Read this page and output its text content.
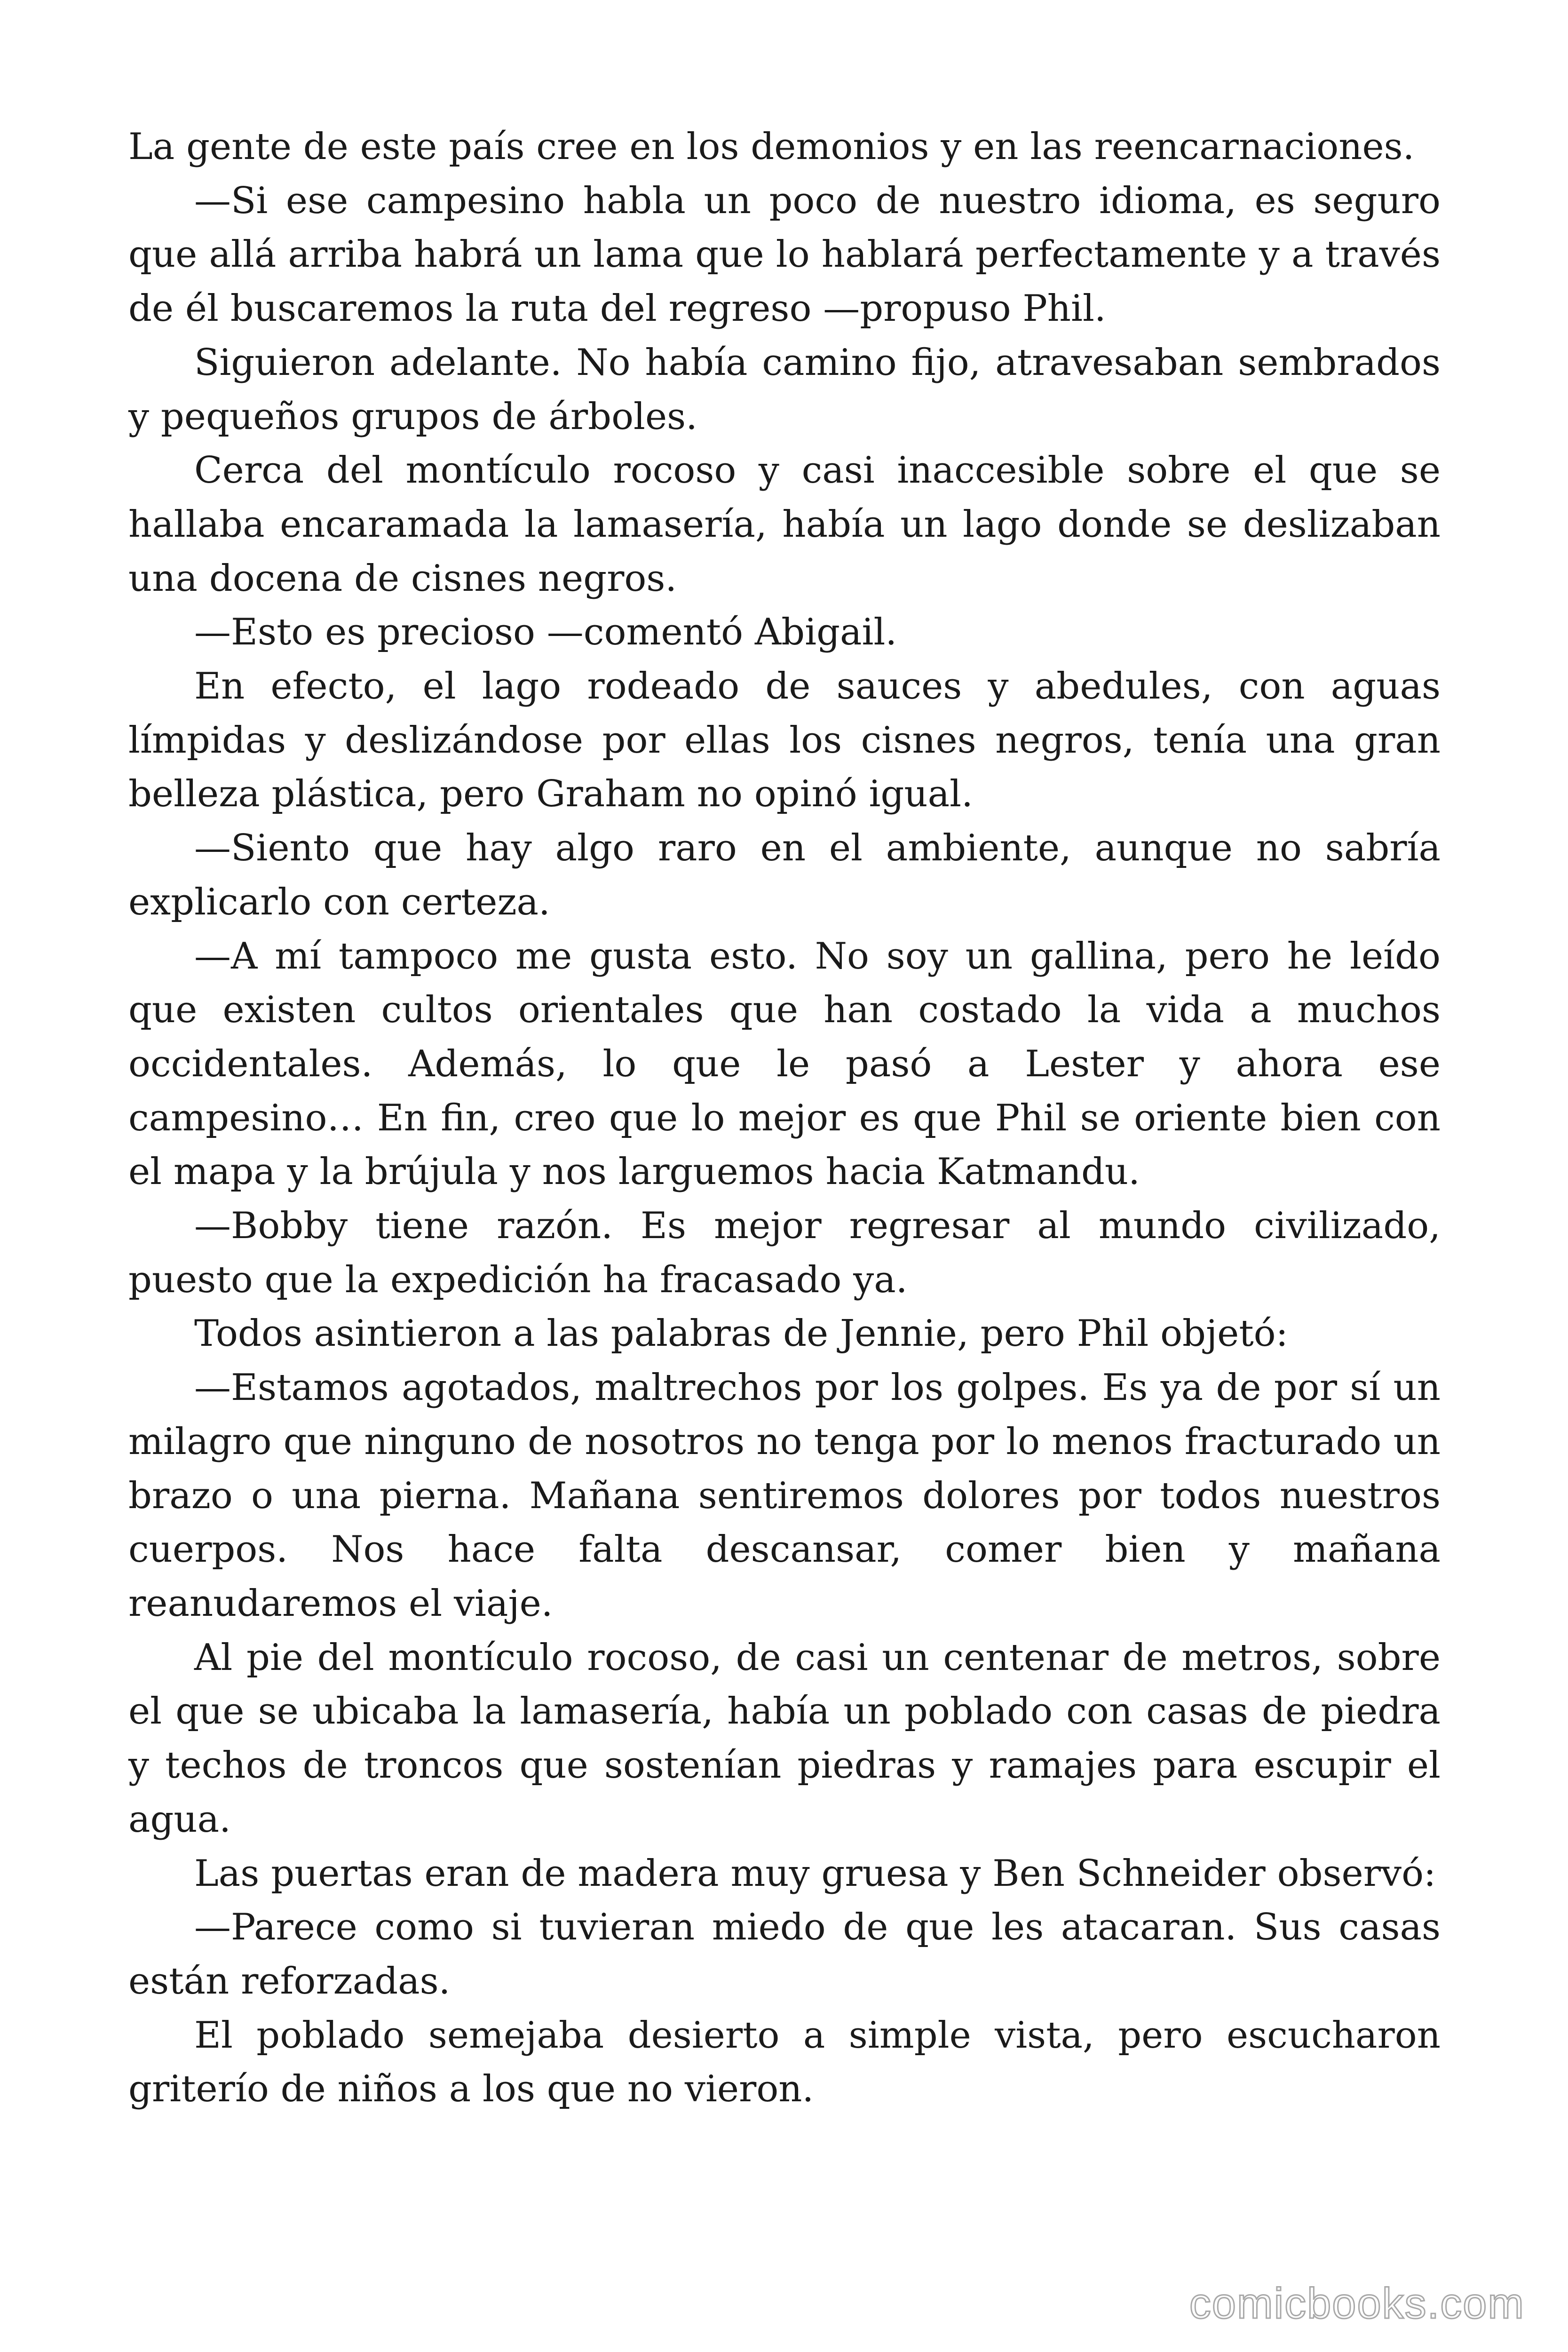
La gente de este país cree en los demonios y en las reencarnaciones.

—Si ese campesino habla un poco de nuestro idioma, es seguro que allá arriba habrá un lama que lo hablará perfectamente y a través de él buscaremos la ruta del regreso —propuso Phil.

Siguieron adelante. No había camino fijo, atravesaban sembrados y pequeños grupos de árboles.

Cerca del montículo rocoso y casi inaccesible sobre el que se hallaba encaramada la lamasería, había un lago donde se deslizaban una docena de cisnes negros.

—Esto es precioso —comentó Abigail.

En efecto, el lago rodeado de sauces y abedules, con aguas límpidas y deslizándose por ellas los cisnes negros, tenía una gran belleza plástica, pero Graham no opinó igual.

—Siento que hay algo raro en el ambiente, aunque no sabría explicarlo con certeza.

—A mí tampoco me gusta esto. No soy un gallina, pero he leído que existen cultos orientales que han costado la vida a muchos occidentales. Además, lo que le pasó a Lester y ahora ese campesino… En fin, creo que lo mejor es que Phil se oriente bien con el mapa y la brújula y nos larguemos hacia Katmandu.

—Bobby tiene razón. Es mejor regresar al mundo civilizado, puesto que la expedición ha fracasado ya.

Todos asintieron a las palabras de Jennie, pero Phil objetó:

—Estamos agotados, maltrechos por los golpes. Es ya de por sí un milagro que ninguno de nosotros no tenga por lo menos fracturado un brazo o una pierna. Mañana sentiremos dolores por todos nuestros cuerpos. Nos hace falta descansar, comer bien y mañana reanudaremos el viaje.

Al pie del montículo rocoso, de casi un centenar de metros, sobre el que se ubicaba la lamasería, había un poblado con casas de piedra y techos de troncos que sostenían piedras y ramajes para escupir el agua.

Las puertas eran de madera muy gruesa y Ben Schneider observó:

—Parece como si tuvieran miedo de que les atacaran. Sus casas están reforzadas.

El poblado semejaba desierto a simple vista, pero escucharon griterío de niños a los que no vieron.

comicbooks.com
